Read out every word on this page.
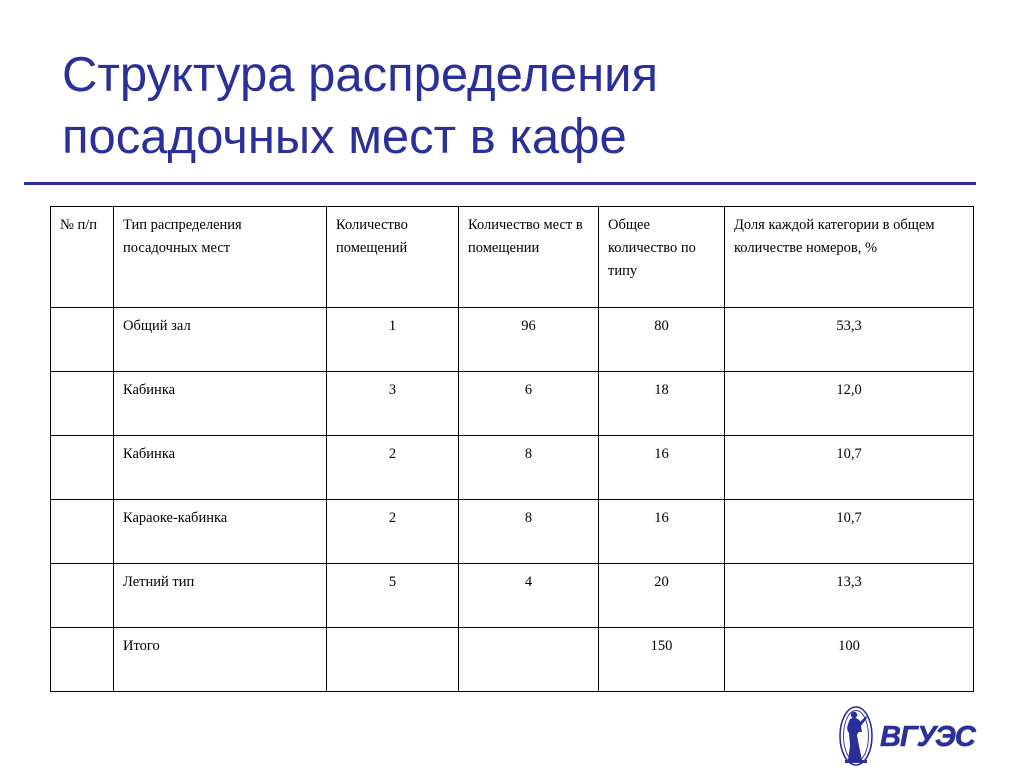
Структура распределения
посадочных мест в кафе
№ п/п	Тип распределения посадочных мест	Количество помещений	Количество мест в помещении	Общее количество по типу	Доля каждой категории в общем количестве номеров, %
	Общий зал	1	96	80	53,3
	Кабинка	3	6	18	12,0
	Кабинка	2	8	16	10,7
	Караоке-кабинка	2	8	16	10,7
	Летний тип	5	4	20	13,3
	Итого			150	100
ВГУЭС
